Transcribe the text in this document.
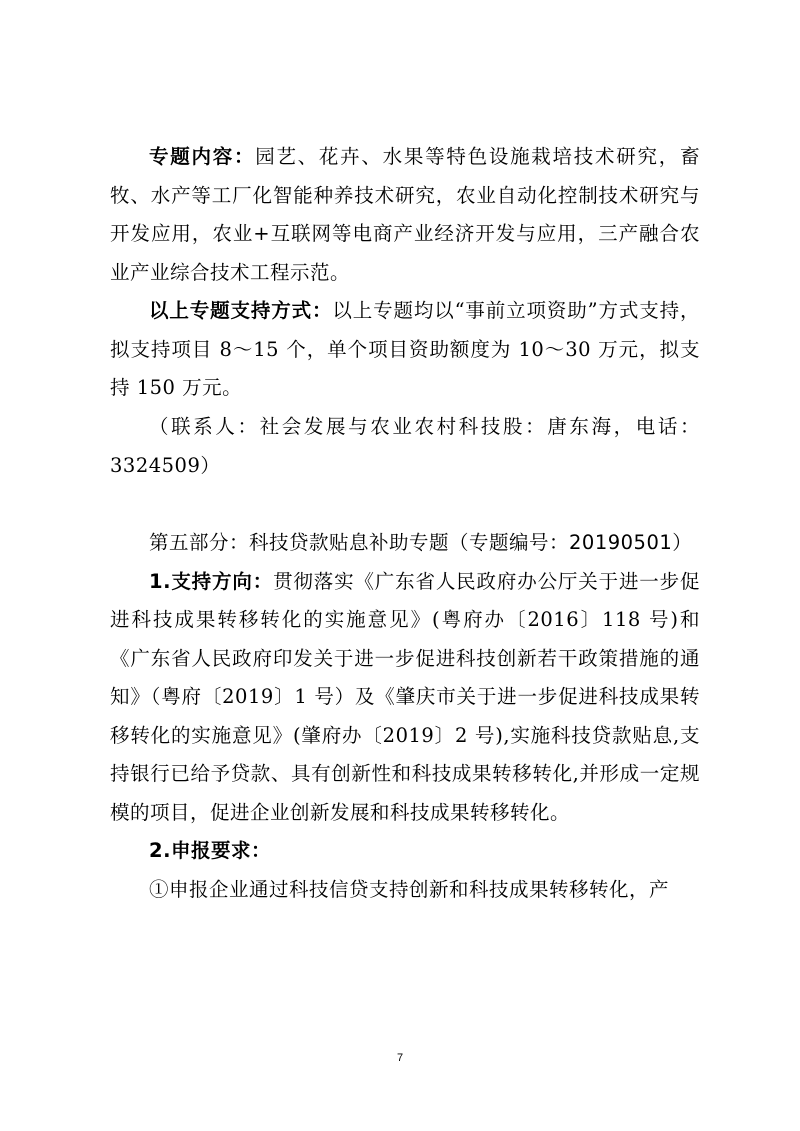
专题内容：园艺、花卉、水果等特色设施栽培技术研究，畜牧、水产等工厂化智能种养技术研究，农业自动化控制技术研究与开发应用，农业+互联网等电商产业经济开发与应用，三产融合农业产业综合技术工程示范。

以上专题支持方式：以上专题均以“事前立项资助”方式支持，拟支持项目 8～15 个，单个项目资助额度为 10～30 万元，拟支持 150 万元。

（联系人：社会发展与农业农村科技股：唐东海，电话：3324509）

第五部分：科技贷款贴息补助专题（专题编号：20190501）

1.支持方向：贯彻落实《广东省人民政府办公厅关于进一步促进科技成果转移转化的实施意见》(粤府办〔2016〕118 号)和《广东省人民政府印发关于进一步促进科技创新若干政策措施的通知》（粤府〔2019〕1 号）及《肇庆市关于进一步促进科技成果转移转化的实施意见》(肇府办〔2019〕2 号),实施科技贷款贴息,支持银行已给予贷款、具有创新性和科技成果转移转化,并形成一定规模的项目，促进企业创新发展和科技成果转移转化。

2.申报要求：

①申报企业通过科技信贷支持创新和科技成果转移转化，产

7
